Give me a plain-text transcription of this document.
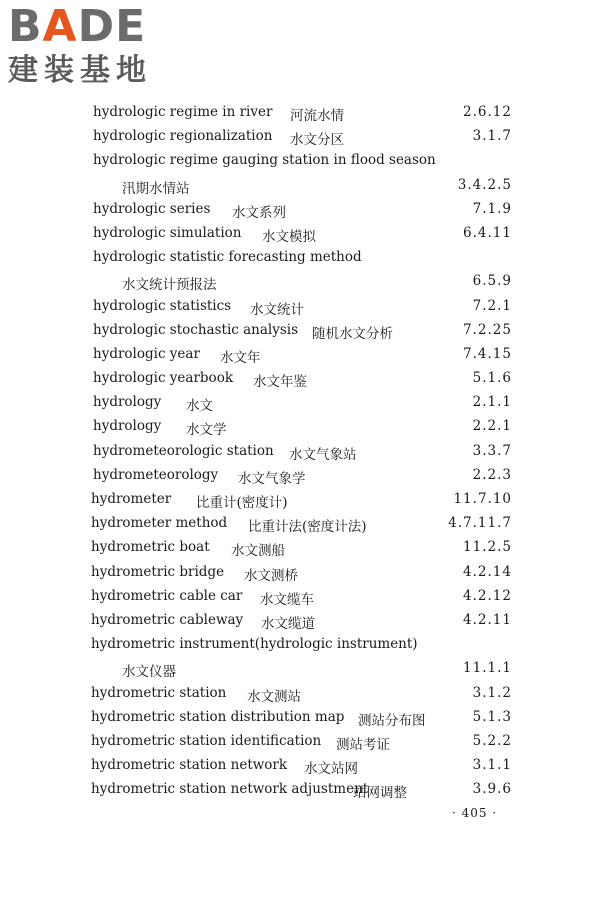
BADE
建装基地
hydrologic regime in river 河流水情	2.6.12
hydrologic regionalization 水文分区	3.1.7
hydrologic regime gauging station in flood season
汛期水情站	3.4.2.5
hydrologic series 水文系列	7.1.9
hydrologic simulation 水文模拟	6.4.11
hydrologic statistic forecasting method
水文统计预报法	6.5.9
hydrologic statistics 水文统计	7.2.1
hydrologic stochastic analysis 随机水文分析	7.2.25
hydrologic year 水文年	7.4.15
hydrologic yearbook 水文年鉴	5.1.6
hydrology 水文	2.1.1
hydrology 水文学	2.2.1
hydrometeorologic station 水文气象站	3.3.7
hydrometeorology 水文气象学	2.2.3
hydrometer 比重计(密度计)	11.7.10
hydrometer method 比重计法(密度计法)	4.7.11.7
hydrometric boat 水文测船	11.2.5
hydrometric bridge 水文测桥	4.2.14
hydrometric cable car 水文缆车	4.2.12
hydrometric cableway 水文缆道	4.2.11
hydrometric instrument(hydrologic instrument)
水文仪器	11.1.1
hydrometric station 水文测站	3.1.2
hydrometric station distribution map 测站分布图	5.1.3
hydrometric station identification 测站考证	5.2.2
hydrometric station network 水文站网	3.1.1
hydrometric station network adjustment
站网调整	3.9.6
· 405 ·
